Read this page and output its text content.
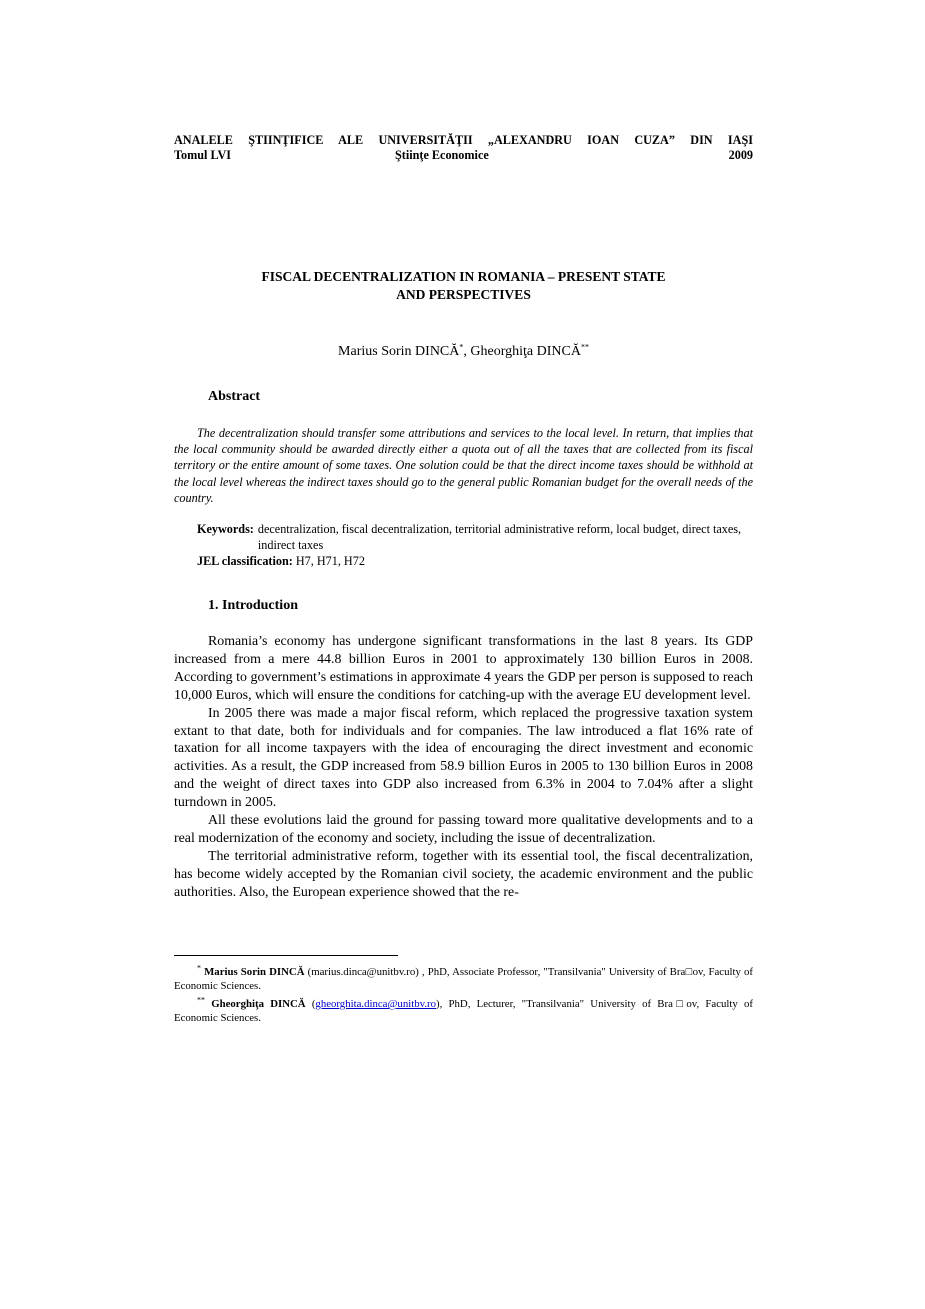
ANALELE ŞTIINŢIFICE ALE UNIVERSITĂŢII „ALEXANDRU IOAN CUZA” DIN IAŞI
Tomul LVI	Ştiinţe Economice	2009
FISCAL DECENTRALIZATION IN ROMANIA – PRESENT STATE
AND PERSPECTIVES
Marius Sorin DINCĂ*, Gheorghiţa DINCĂ**
Abstract

The decentralization should transfer some attributions and services to the local level. In return, that implies that the local community should be awarded directly either a quota out of all the taxes that are collected from its fiscal territory or the entire amount of some taxes. One solution could be that the direct income taxes should be withhold at the local level whereas the indirect taxes should go to the general public Romanian budget for the overall needs of the country.

Keywords: decentralization, fiscal decentralization, territorial administrative reform, local budget, direct taxes, indirect taxes
JEL classification: H7, H71, H72
1. Introduction

Romania’s economy has undergone significant transformations in the last 8 years. Its GDP increased from a mere 44.8 billion Euros in 2001 to approximately 130 billion Euros in 2008. According to government’s estimations in approximate 4 years the GDP per person is supposed to reach 10,000 Euros, which will ensure the conditions for catching-up with the average EU development level.

In 2005 there was made a major fiscal reform, which replaced the progressive taxation system extant to that date, both for individuals and for companies. The law introduced a flat 16% rate of taxation for all income taxpayers with the idea of encouraging the direct investment and economic activities. As a result, the GDP increased from 58.9 billion Euros in 2005 to 130 billion Euros in 2008 and the weight of direct taxes into GDP also increased from 6.3% in 2004 to 7.04% after a slight turndown in 2005.

All these evolutions laid the ground for passing toward more qualitative developments and to a real modernization of the economy and society, including the issue of decentralization.

The territorial administrative reform, together with its essential tool, the fiscal decentralization, has become widely accepted by the Romanian civil society, the academic environment and the public authorities. Also, the European experience showed that the re-

* Marius Sorin DINCĂ (marius.dinca@unitbv.ro) , PhD, Associate Professor, "Transilvania" University of Bra□ov, Faculty of Economic Sciences.

** Gheorghiţa DINCĂ (gheorghita.dinca@unitbv.ro), PhD, Lecturer, "Transilvania" University of Bra□ov, Faculty of Economic Sciences.
